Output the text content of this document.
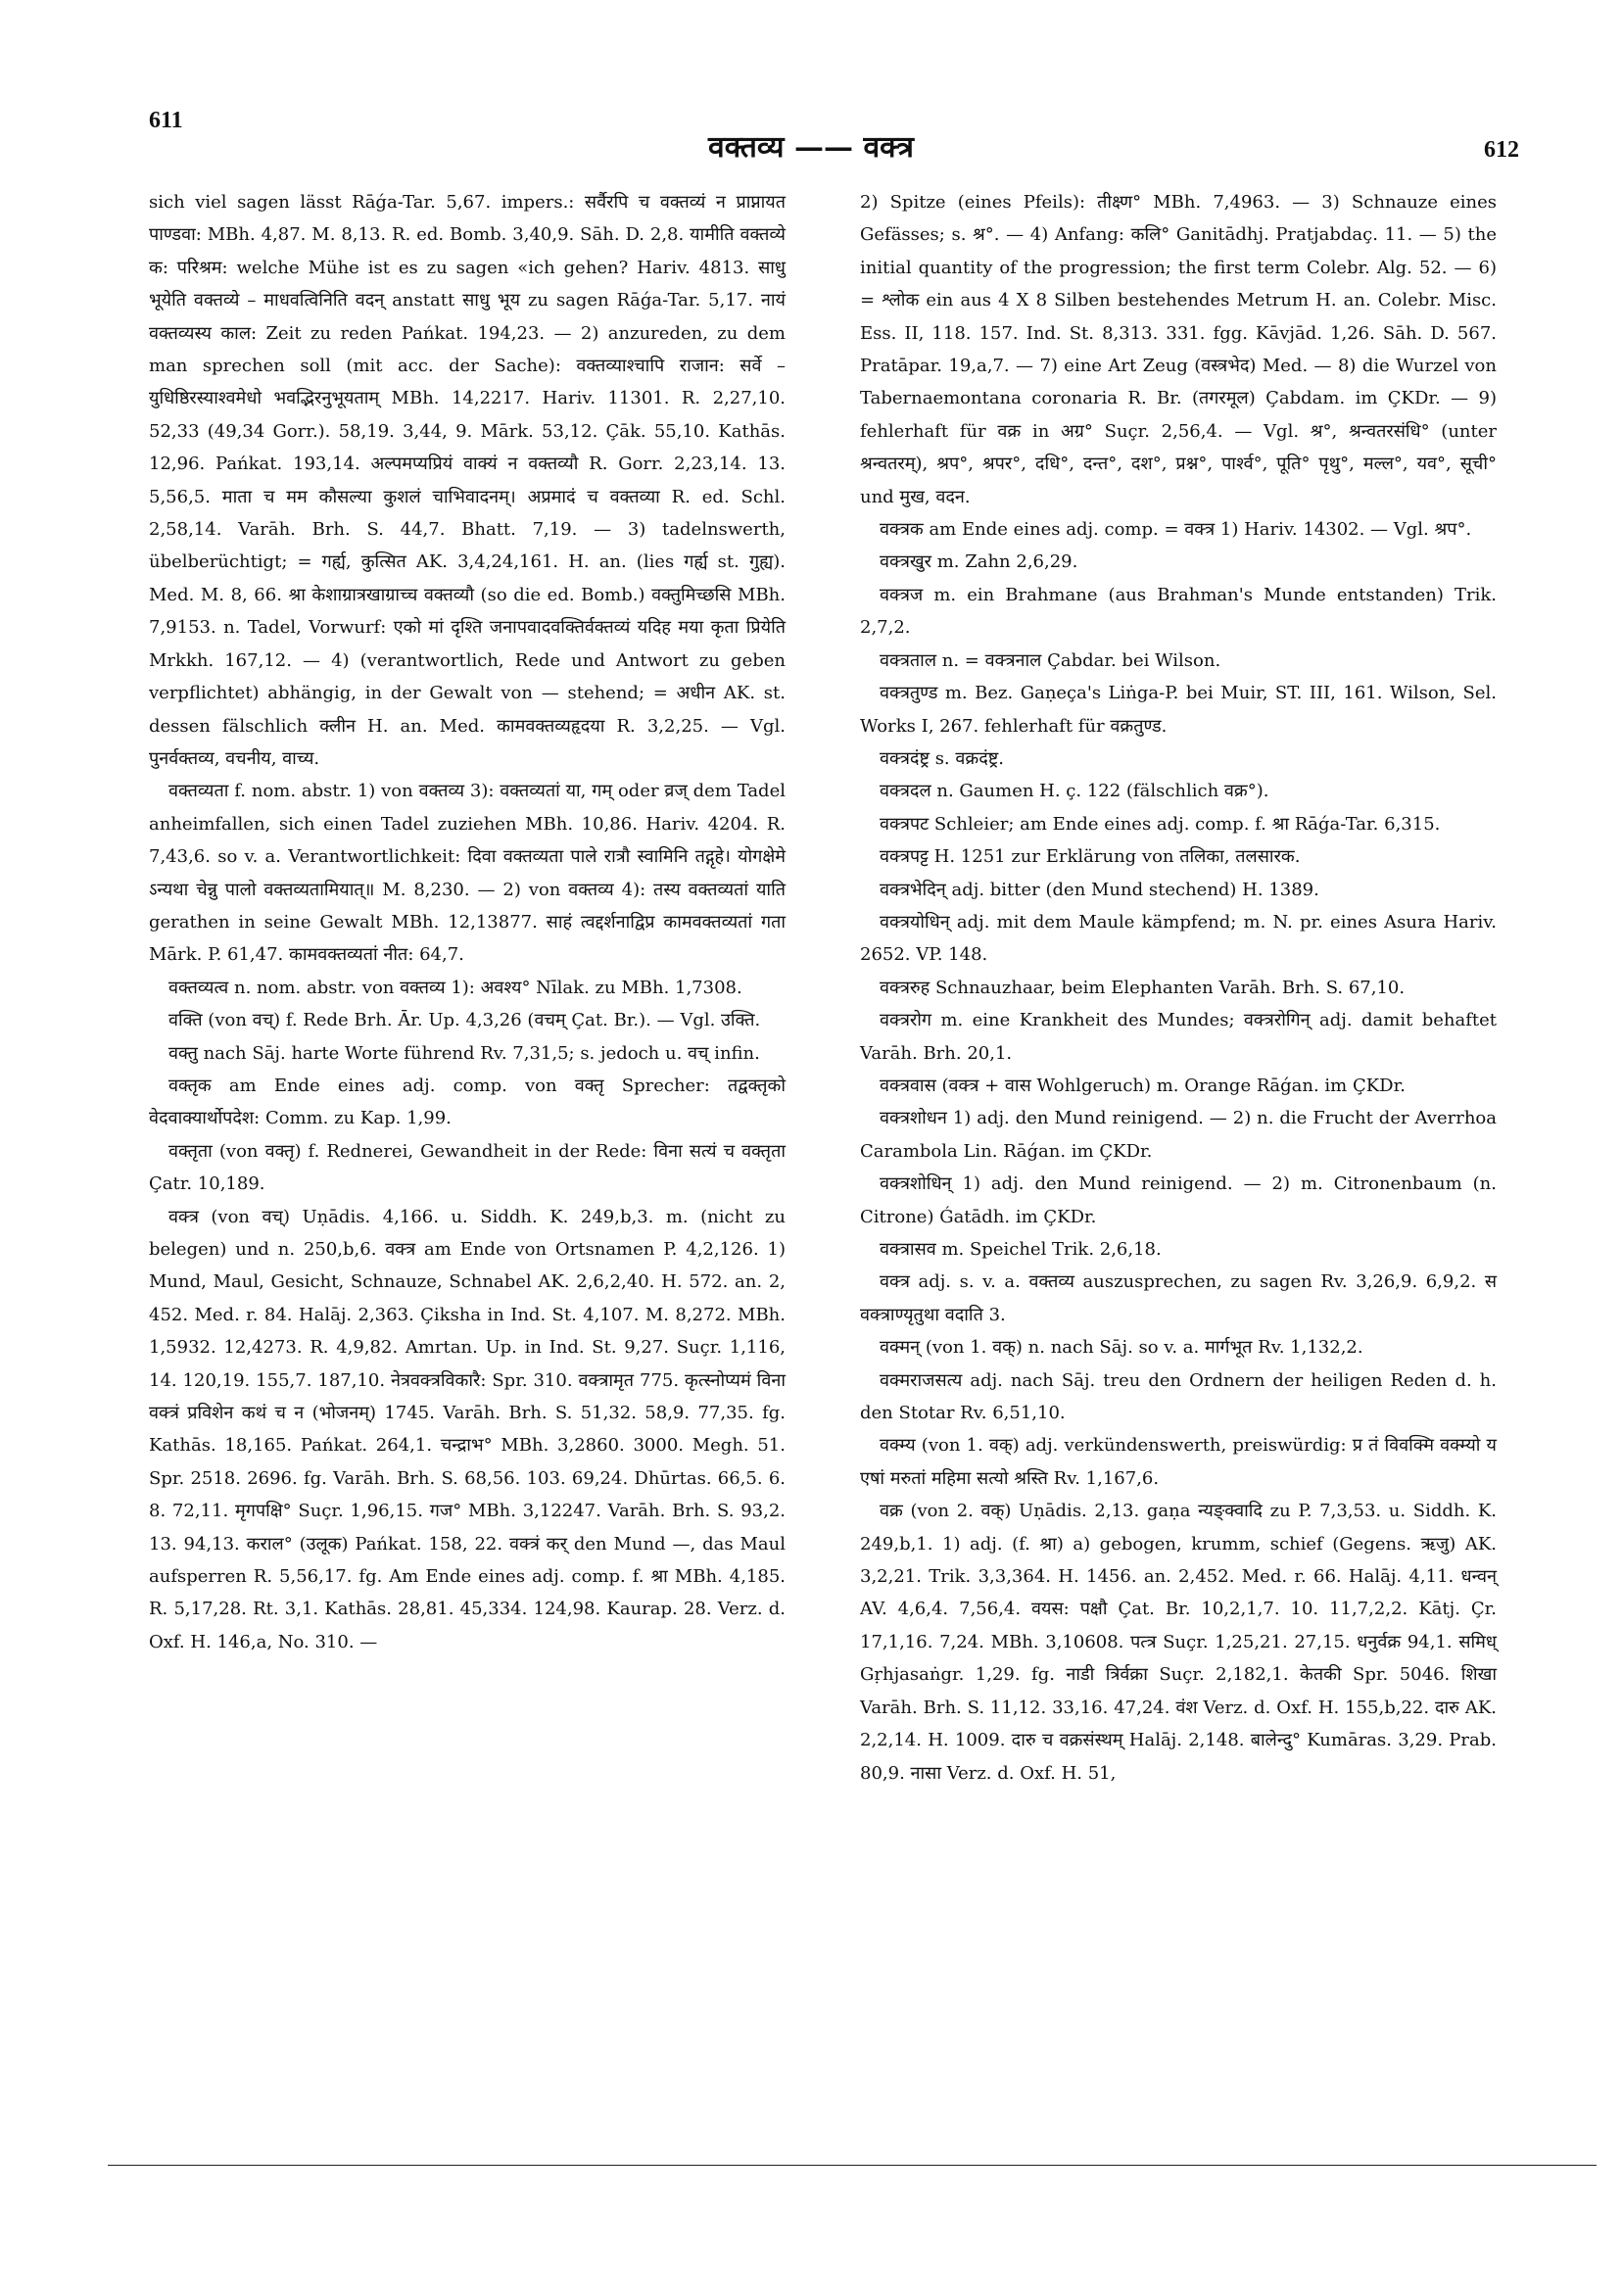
611
वक्तव्य —— वक्त्र	612

sich viel sagen lässt Rāǵa-Tar. 5,67. impers.: सर्वैरपि च वक्तव्यं न प्राप्नायत पाण्डवा: MBh. 4,87. M. 8,13. R. ed. Bomb. 3,40,9. Sāh. D. 2,8. यामीति वक्तव्ये क: परिश्रम: welche Mühe ist es zu sagen «ich gehen? Hariv. 4813. साधु भूयेति वक्तव्ये – माधवत्विनिति वदन् anstatt साधु भूय zu sagen Rāǵa-Tar. 5,17. नायं वक्तव्यस्य काल: Zeit zu reden Pańkat. 194,23. — 2) anzureden, zu dem man sprechen soll (mit acc. der Sache): वक्तव्याश्चापि राजान: सर्वे – युधिष्ठिरस्याश्वमेधो भवद्भिरनुभूयताम् MBh. 14,2217. Hariv. 11301. R. 2,27,10. 52,33 (49,34 Gorr.). 58,19. 3,44, 9. Mārk. 53,12. Çāk. 55,10. Kathās. 12,96. Pańkat. 193,14. अल्पमप्यप्रियं वाक्यं न वक्तव्यौ R. Gorr. 2,23,14. 13. 5,56,5. माता च मम कौसल्या कुशलं चाभिवादनम्। अप्रमादं च वक्तव्या R. ed. Schl. 2,58,14. Varāh. Brh. S. 44,7. Bhatt. 7,19. — 3) tadelnswerth, übelberüchtigt; = गर्ह्य, कुत्सित AK. 3,4,24,161. H. an. (lies गर्ह्य st. गुह्य). Med. M. 8, 66. श्रा केशाग्रात्रखाग्राच्च वक्तव्यौ (so die ed. Bomb.) वक्तुमिच्छसि MBh. 7,9153. n. Tadel, Vorwurf: एको मां दृश्ति जनापवादवक्तिर्वक्तव्यं यदिह मया कृता प्रियेति Mrkkh. 167,12. — 4) (verantwortlich, Rede und Antwort zu geben verpflichtet) abhängig, in der Gewalt von — stehend; = अधीन AK. st. dessen fälschlich क्लीन H. an. Med. कामवक्तव्यहृदया R. 3,2,25. — Vgl. पुनर्वक्तव्य, वचनीय, वाच्य.

वक्तव्यता f. nom. abstr. 1) von वक्तव्य 3): वक्तव्यतां या, गम् oder व्रज् dem Tadel anheimfallen, sich einen Tadel zuziehen MBh. 10,86. Hariv. 4204. R. 7,43,6. so v. a. Verantwortlichkeit: दिवा वक्तव्यता पाले रात्रौ स्वामिनि तद्गृहे। योगक्षेमे ऽन्यथा चेन्नु पालो वक्तव्यतामियात्॥ M. 8,230. — 2) von वक्तव्य 4): तस्य वक्तव्यतां याति gerathen in seine Gewalt MBh. 12,13877. साहं त्वद्दर्शनाद्विप्र कामवक्तव्यतां गता Mārk. P. 61,47. कामवक्तव्यतां नीत: 64,7.

वक्तव्यत्व n. nom. abstr. von वक्तव्य 1): अवश्य° Nīlak. zu MBh. 1,7308.

वक्ति (von वच्) f. Rede Brh. Ār. Up. 4,3,26 (वचम् Çat. Br.). — Vgl. उक्ति.

वक्तु nach Sāj. harte Worte führend Rv. 7,31,5; s. jedoch u. वच् infin.

वक्तृक am Ende eines adj. comp. von वक्तृ Sprecher: तद्वक्तृको वेदवाक्यार्थोपदेश: Comm. zu Kap. 1,99.

वक्तृता (von वक्तृ) f. Rednerei, Gewandheit in der Rede: विना सत्यं च वक्तृता Çatr. 10,189.

वक्त्र (von वच्) Uṇādis. 4,166. u. Siddh. K. 249,b,3. m. (nicht zu belegen) und n. 250,b,6. वक्त्र am Ende von Ortsnamen P. 4,2,126. 1) Mund, Maul, Gesicht, Schnauze, Schnabel AK. 2,6,2,40. H. 572. an. 2, 452. Med. r. 84. Halāj. 2,363. Çiksha in Ind. St. 4,107. M. 8,272. MBh. 1,5932. 12,4273. R. 4,9,82. Amrtan. Up. in Ind. St. 9,27. Suçr. 1,116, 14. 120,19. 155,7. 187,10. नेत्रवक्त्रविकारै: Spr. 310. वक्त्रामृत 775. कृत्स्नोप्यमं विना वक्त्रं प्रविशेन कथं च न (भोजनम्) 1745. Varāh. Brh. S. 51,32. 58,9. 77,35. fg. Kathās. 18,165. Pańkat. 264,1. चन्द्राभ° MBh. 3,2860. 3000. Megh. 51. Spr. 2518. 2696. fg. Varāh. Brh. S. 68,56. 103. 69,24. Dhūrtas. 66,5. 6. 8. 72,11. मृगपक्षि° Suçr. 1,96,15. गज° MBh. 3,12247. Varāh. Brh. S. 93,2. 13. 94,13. कराल° (उलूक) Pańkat. 158, 22. वक्त्रं कर् den Mund —, das Maul aufsperren R. 5,56,17. fg. Am Ende eines adj. comp. f. श्रा MBh. 4,185. R. 5,17,28. Rt. 3,1. Kathās. 28,81. 45,334. 124,98. Kaurap. 28. Verz. d. Oxf. H. 146,a, No. 310. —

2) Spitze (eines Pfeils): तीक्ष्ण° MBh. 7,4963. — 3) Schnauze eines Gefässes; s. श्र°. — 4) Anfang: कलि° Ganitādhj. Pratjabdaç. 11. — 5) the initial quantity of the progression; the first term Colebr. Alg. 52. — 6) = श्लोक ein aus 4 X 8 Silben bestehendes Metrum H. an. Colebr. Misc. Ess. II, 118. 157. Ind. St. 8,313. 331. fgg. Kāvjād. 1,26. Sāh. D. 567. Pratāpar. 19,a,7. — 7) eine Art Zeug (वस्त्रभेद) Med. — 8) die Wurzel von Tabernaemontana coronaria R. Br. (तगरमूल) Çabdam. im ÇKDr. — 9) fehlerhaft für वक्र in अग्र° Suçr. 2,56,4. — Vgl. श्र°, श्रन्वतरसंधि° (unter श्रन्वतरम्), श्रप°, श्रपर°, दधि°, दन्त°, दश°, प्रश्न°, पार्श्व°, पूति° पृथु°, मल्ल°, यव°, सूची° und मुख, वदन.

वक्त्रक am Ende eines adj. comp. = वक्त्र 1) Hariv. 14302. — Vgl. श्रप°.

वक्त्रखुर m. Zahn 2,6,29.

वक्त्रज m. ein Brahmane (aus Brahman's Munde entstanden) Trik. 2,7,2.

वक्त्रताल n. = वक्त्रनाल Çabdar. bei Wilson.

वक्त्रतुण्ड m. Bez. Gaṇeça's Liṅga-P. bei Muir, ST. III, 161. Wilson, Sel. Works I, 267. fehlerhaft für वक्रतुण्ड.

वक्त्रदंष्ट्र s. वक्रदंष्ट्र.

वक्त्रदल n. Gaumen H. ç. 122 (fälschlich वक्र°).

वक्त्रपट Schleier; am Ende eines adj. comp. f. श्रा Rāǵa-Tar. 6,315.

वक्त्रपट्ट H. 1251 zur Erklärung von तलिका, तलसारक.

वक्त्रभेदिन् adj. bitter (den Mund stechend) H. 1389.

वक्त्रयोधिन् adj. mit dem Maule kämpfend; m. N. pr. eines Asura Hariv. 2652. VP. 148.

वक्त्ररुह Schnauzhaar, beim Elephanten Varāh. Brh. S. 67,10.

वक्त्ररोग m. eine Krankheit des Mundes; वक्त्ररोगिन् adj. damit behaftet Varāh. Brh. 20,1.

वक्त्रवास (वक्त्र + वास Wohlgeruch) m. Orange Rāǵan. im ÇKDr.

वक्त्रशोधन 1) adj. den Mund reinigend. — 2) n. die Frucht der Averrhoa Carambola Lin. Rāǵan. im ÇKDr.

वक्त्रशोधिन् 1) adj. den Mund reinigend. — 2) m. Citronenbaum (n. Citrone) Ǵatādh. im ÇKDr.

वक्त्रासव m. Speichel Trik. 2,6,18.

वक्त्र adj. s. v. a. वक्तव्य auszusprechen, zu sagen Rv. 3,26,9. 6,9,2. स वक्त्राण्यृतुथा वदाति 3.

वक्मन् (von 1. वक्) n. nach Sāj. so v. a. मार्गभूत Rv. 1,132,2.

वक्मराजसत्य adj. nach Sāj. treu den Ordnern der heiligen Reden d. h. den Stotar Rv. 6,51,10.

वक्म्य (von 1. वक्) adj. verkündenswerth, preiswürdig: प्र तं विवक्मि वक्म्यो य एषां मरुतां महिमा सत्यो श्रस्ति Rv. 1,167,6.

वक्र (von 2. वक्) Uṇādis. 2,13. gaṇa न्यङ्क्वादि zu P. 7,3,53. u. Siddh. K. 249,b,1. 1) adj. (f. श्रा) a) gebogen, krumm, schief (Gegens. ऋजु) AK. 3,2,21. Trik. 3,3,364. H. 1456. an. 2,452. Med. r. 66. Halāj. 4,11. धन्वन् AV. 4,6,4. 7,56,4. वयस: पक्षौ Çat. Br. 10,2,1,7. 10. 11,7,2,2. Kātj. Çr. 17,1,16. 7,24. MBh. 3,10608. पत्त्र Suçr. 1,25,21. 27,15. धनुर्वक्र 94,1. समिध् Gṛhjasaṅgr. 1,29. fg. नाडी त्रिर्वक्रा Suçr. 2,182,1. केतकी Spr. 5046. शिखा Varāh. Brh. S. 11,12. 33,16. 47,24. वंश Verz. d. Oxf. H. 155,b,22. दारु AK. 2,2,14. H. 1009. दारु च वक्रसंस्थम् Halāj. 2,148. बालेन्दु° Kumāras. 3,29. Prab. 80,9. नासा Verz. d. Oxf. H. 51,
